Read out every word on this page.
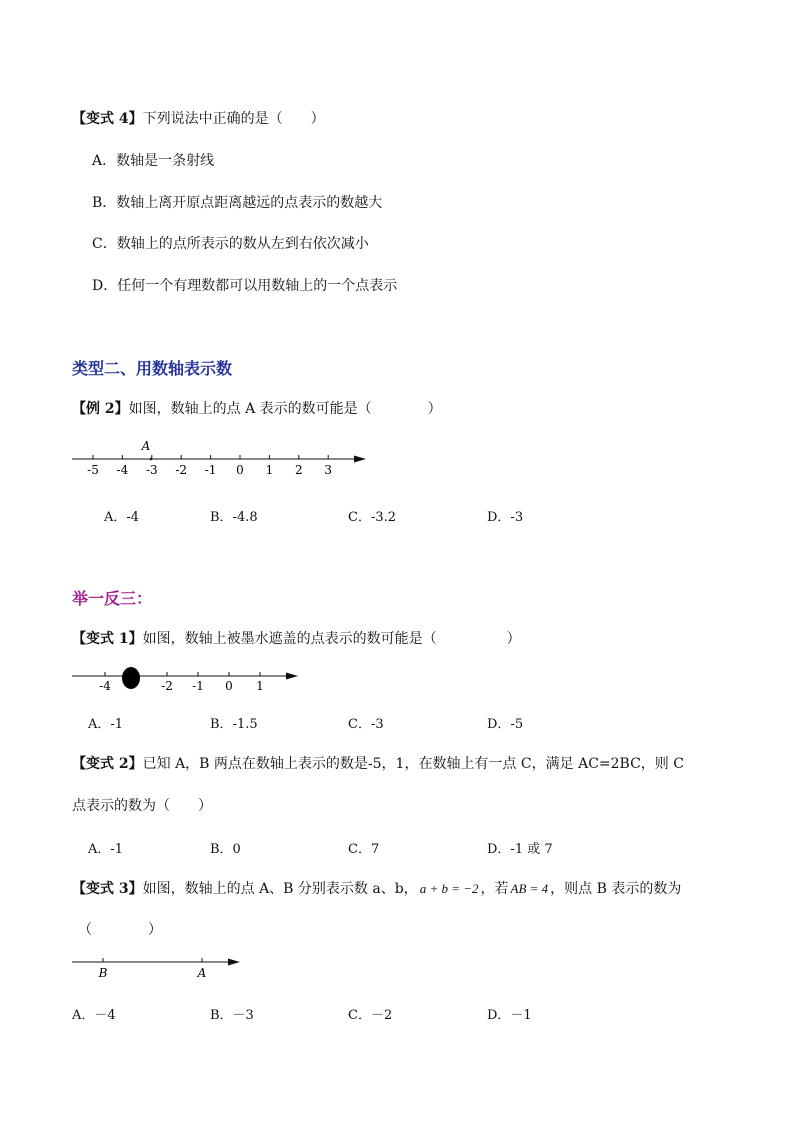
【变式 4】下列说法中正确的是（　　）
A．数轴是一条射线
B．数轴上离开原点距离越远的点表示的数越大
C．数轴上的点所表示的数从左到右依次减小
D．任何一个有理数都可以用数轴上的一个点表示
类型二、用数轴表示数
【例 2】如图，数轴上的点 A 表示的数可能是（　　　　）
-5 -4 -3 -2 -1 0 1 2 3
A
A．-4	B．-4.8	C．-3.2	D．-3
举一反三：
【变式 1】如图，数轴上被墨水遮盖的点表示的数可能是（　　　　　）
-4	-2 -1 0 1
A．-1	B．-1.5	C．-3	D．-5
【变式 2】已知 A，B 两点在数轴上表示的数是-5，1，在数轴上有一点 C，满足 AC=2BC，则 C
点表示的数为（　　）
A．-1	B．0	C．7	D．-1 或 7
【变式 3】如图，数轴上的点 A、B 分别表示数 a、b， a + b = −2 ，若 AB = 4 ，则点 B 表示的数为
（　　　　）
B	A
A．－4	B．－3	C．－2	D．－1
